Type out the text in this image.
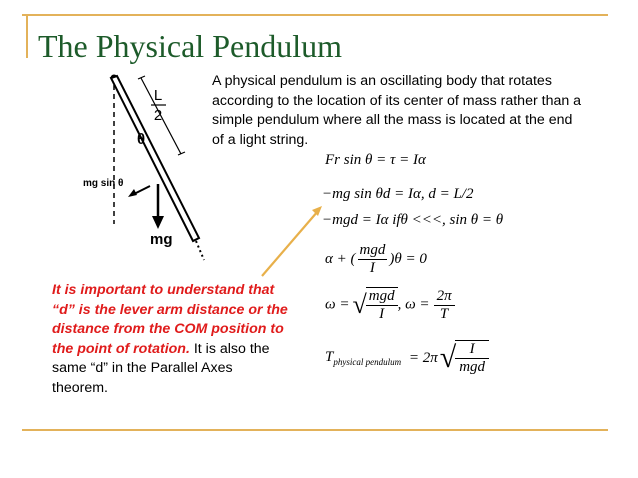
The Physical Pendulum

A physical pendulum is an oscillating body that rotates according to the location of its center of mass rather than a simple pendulum where all the mass is located at the end of a light string.

L
2
θ
mg sin θ
mg
Fr sin θ = τ = Iα
−mg sin θd = Iα, d = L/2
−mgd = Iα ifθ <<<, sin θ = θ
α + (
mgd
I
)θ = 0
ω = √ mgd
I
, $\omega = \frac{2\pi}{T}$
$T_{physical pendulum} = 2\pi√$ I
mgd

It is important to understand that “d” is the lever arm distance or the distance from the COM position to the point of rotation. It is also the same “d” in the Parallel Axes theorem.
